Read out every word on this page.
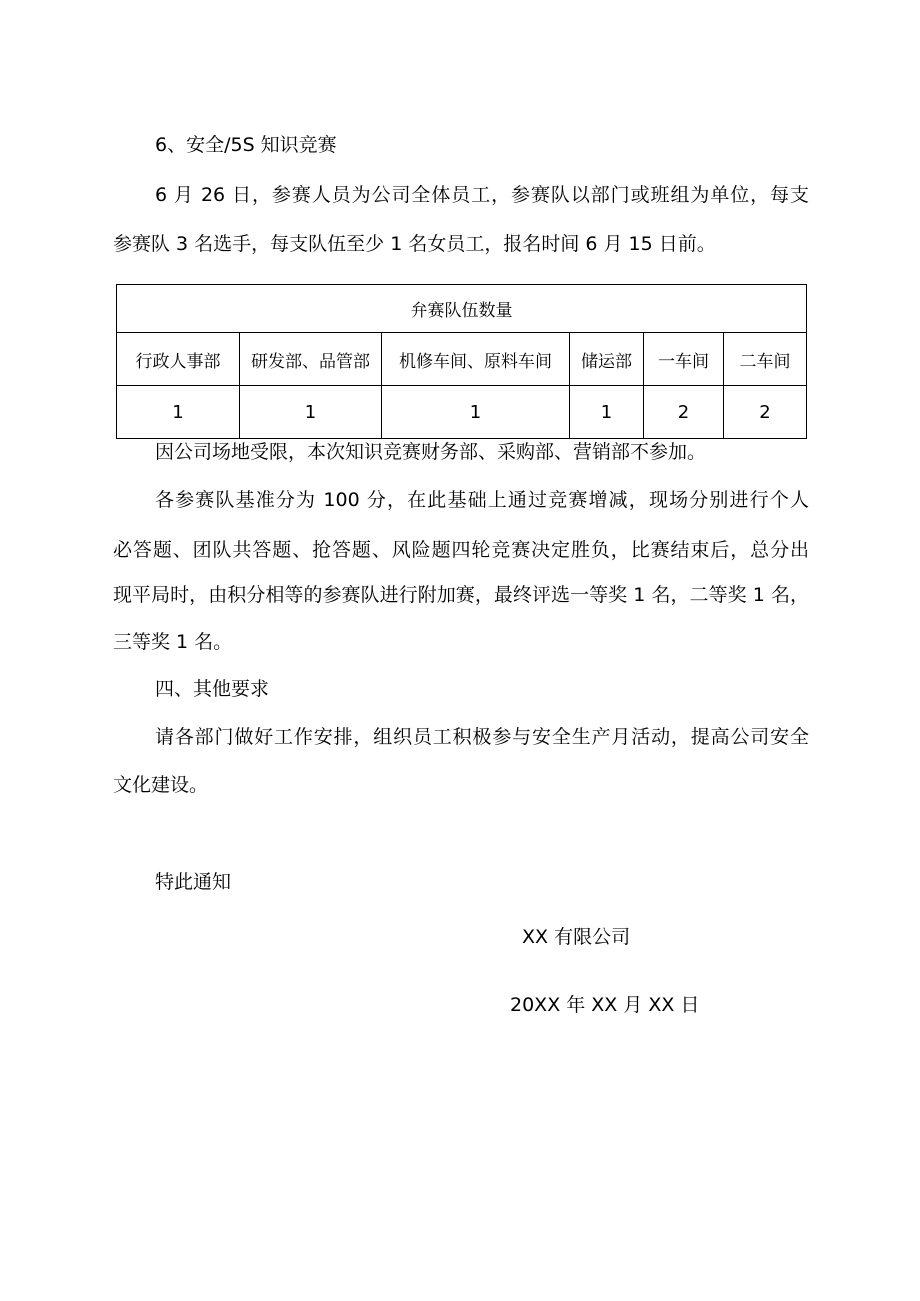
6、安全/5S 知识竞赛
6 月 26 日，参赛人员为公司全体员工，参赛队以部门或班组为单位，每支
参赛队 3 名选手，每支队伍至少 1 名女员工，报名时间 6 月 15 日前。
弁赛队伍数量					
行政人事部	研发部、品管部	机修车间、原料车间	储运部	一车间	二车间
1	1	1	1	2	2
因公司场地受限，本次知识竞赛财务部、采购部、营销部不参加。
各参赛队基准分为 100 分，在此基础上通过竞赛增减，现场分别进行个人
必答题、团队共答题、抢答题、风险题四轮竞赛决定胜负，比赛结束后，总分出
现平局时，由积分相等的参赛队进行附加赛，最终评选一等奖 1 名，二等奖 1 名，
三等奖 1 名。
四、其他要求
请各部门做好工作安排，组织员工积极参与安全生产月活动，提高公司安全
文化建设。
特此通知
XX 有限公司
20XX 年 XX 月 XX 日
